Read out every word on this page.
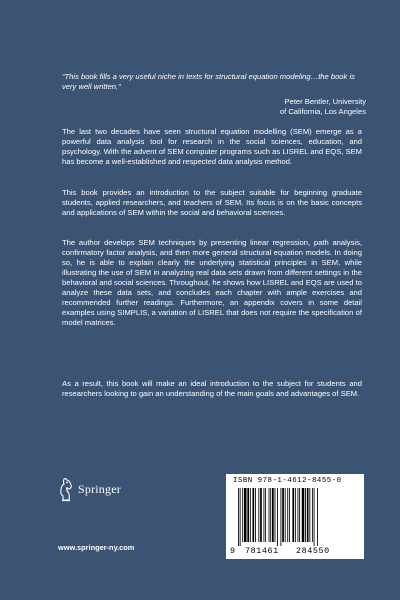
“This book fills a very useful niche in texts for structural equation modeling…the book is very well written.”

Peter Bentler, University
of California, Los Angeles

The last two decades have seen structural equation modelling (SEM) emerge as a powerful data analysis tool for research in the social sciences, education, and psychology. With the advent of SEM computer programs such as LISREL and EQS, SEM has become a well-established and respected data analysis method.

This book provides an introduction to the subject suitable for beginning graduate students, applied researchers, and teachers of SEM. Its focus is on the basic concepts and applications of SEM within the social and behavioral sciences.

The author develops SEM techniques by presenting linear regression, path analysis, confirmatory factor analysis, and then more general structural equation models. In doing so, he is able to explain clearly the underlying statistical principles in SEM, while illustrating the use of SEM in analyzing real data sets drawn from different settings in the behavioral and social sciences. Throughout, he shows how LISREL and EQS are used to analyze these data sets, and concludes each chapter with ample exercises and recommended further readings. Furthermore, an appendix covers in some detail examples using SIMPLIS, a variation of LISREL that does not require the specification of model matrices.

As a result, this book will make an ideal introduction to the subject for students and researchers looking to gain an understanding of the main goals and advantages of SEM.

Springer
www.springer-ny.com
ISBN 978-1-4612-8455-0
9 781461 284550
